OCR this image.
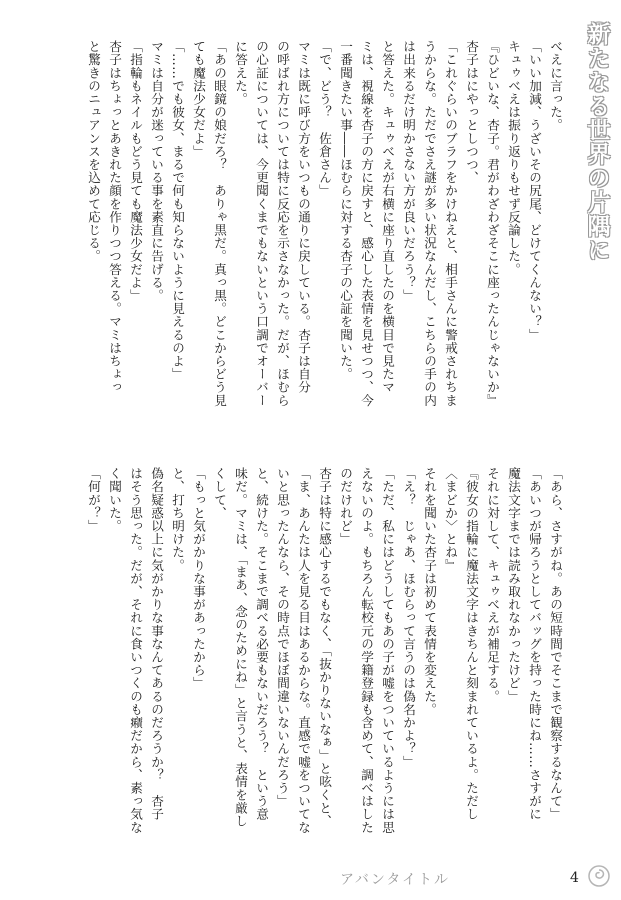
新たなる世界の片隅に

べえに言った。

「いい加減、うざいその尻尾、どけてくんない？」

キュゥべえは振り返りもせず反論した。

『ひどいな、杏子。君がわざわざそこに座ったんじゃないか』

杏子はにやっとしつつ、

「これぐらいのブラフをかけねえと、相手さんに警戒されちま

うからな。ただでさえ謎が多い状況なんだし、こちらの手の内

は出来るだけ明かさない方が良いだろう？」

と答えた。キュゥべえが右横に座り直したのを横目で見たマ

ミは、視線を杏子の方に戻すと、感心した表情を見せつつ、今

一番聞きたい事――ほむらに対する杏子の心証を聞いた。

「で、どう？　佐倉さん」

マミは既に呼び方をいつもの通りに戻している。杏子は自分

の呼ばれ方については特に反応を示さなかった。だが、ほむら

の心証については、今更聞くまでもないという口調でオーバー

に答えた。

「あの眼鏡の娘だろ？　ありゃ黒だ。真っ黒。どこからどう見

ても魔法少女だよ」

「……でも彼女、まるで何も知らないように見えるのよ」

マミは自分が迷っている事を素直に告げる。

「指輪もネイルもどう見ても魔法少女だよ」

杏子はちょっとあきれた顔を作りつつ答える。マミはちょっ

と驚きのニュアンスを込めて応じる。

「あら、さすがね。あの短時間でそこまで観察するなんて」

「あいつが帰ろうとしてバッグを持った時にね……さすがに

魔法文字までは読み取れなかったけど」

それに対して、キュゥべえが補足する。

『彼女の指輪に魔法文字はきちんと刻まれているよ。ただし

〈まどか〉とね』

それを聞いた杏子は初めて表情を変えた。

「え？　じゃあ、ほむらって言うのは偽名かよ？」

「ただ、私にはどうしてもあの子が嘘をついているようには思

えないのよ。もちろん転校元の学籍登録も含めて、調べはした

のだけれど」

杏子は特に感心するでもなく、「抜かりないなぁ」と呟くと、

「ま、あんたは人を見る目はあるからな。直感で嘘をついてな

いと思ったんなら、その時点でほぼ間違いないんだろう」

と、続けた。そこまで調べる必要もないだろう？　という意

味だ。マミは、「まあ、念のためにね」と言うと、表情を厳し

くして、

「もっと気がかりな事があったから」

と、打ち明けた。

偽名疑惑以上に気がかりな事なんてあるのだろうか？　杏子

はそう思った。だが、それに食いつくのも癪だから、素っ気な

く聞いた。

「何が？」

アバンタイトル	4
